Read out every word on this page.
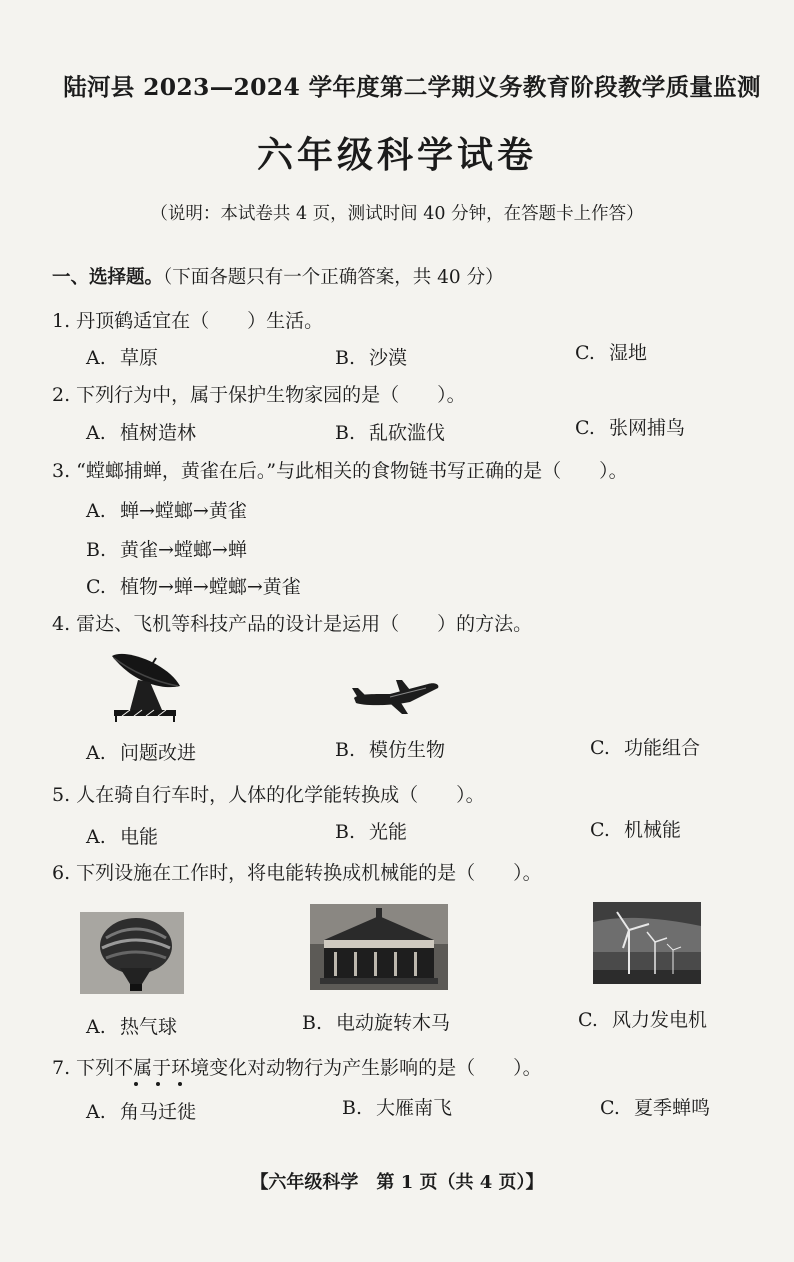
陆河县 2023—2024 学年度第二学期义务教育阶段教学质量监测
六年级科学试卷
（说明：本试卷共 4 页，测试时间 40 分钟，在答题卡上作答）
一、选择题。（下面各题只有一个正确答案，共 40 分）
1. 丹顶鹤适宜在（　　）生活。
A. 草原	B. 沙漠	C. 湿地
2. 下列行为中，属于保护生物家园的是（　　）。
A. 植树造林	B. 乱砍滥伐	C. 张网捕鸟
3. “螳螂捕蝉，黄雀在后。”与此相关的食物链书写正确的是（　　）。
A. 蝉→螳螂→黄雀
B. 黄雀→螳螂→蝉
C. 植物→蝉→螳螂→黄雀
4. 雷达、飞机等科技产品的设计是运用（　　）的方法。
A. 问题改进	B. 模仿生物	C. 功能组合
5. 人在骑自行车时，人体的化学能转换成（　　）。
A. 电能	B. 光能	C. 机械能
6. 下列设施在工作时，将电能转换成机械能的是（　　）。
A. 热气球	B. 电动旋转木马	C. 风力发电机
7. 下列不属于环境变化对动物行为产生影响的是（　　）。
A. 角马迁徙	B. 大雁南飞	C. 夏季蝉鸣
【六年级科学　第 1 页（共 4 页）】
